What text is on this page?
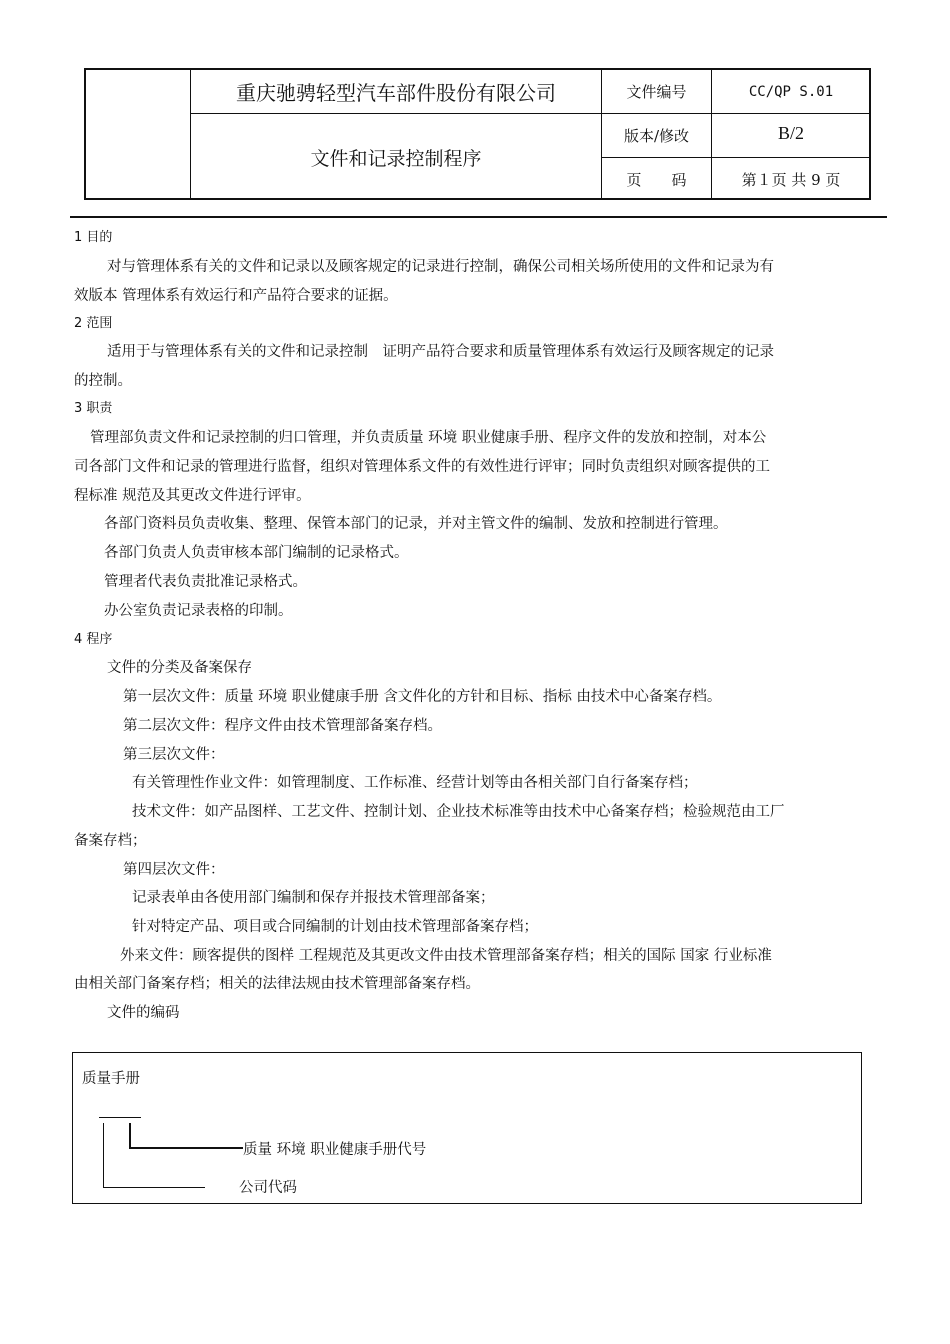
重庆驰骋轻型汽车部件股份有限公司
文件和记录控制程序
文件编号	CC/QP S.01
版本/修改	B/2
页　　码	第１页 共 9 页
1 目的
对与管理体系有关的文件和记录以及顾客规定的记录进行控制，确保公司相关场所使用的文件和记录为有
效版本 管理体系有效运行和产品符合要求的证据。
2 范围
适用于与管理体系有关的文件和记录控制　证明产品符合要求和质量管理体系有效运行及顾客规定的记录
的控制。
3 职责
管理部负责文件和记录控制的归口管理，并负责质量 环境 职业健康手册、程序文件的发放和控制，对本公
司各部门文件和记录的管理进行监督，组织对管理体系文件的有效性进行评审；同时负责组织对顾客提供的工
程标准 规范及其更改文件进行评审。
各部门资料员负责收集、整理、保管本部门的记录，并对主管文件的编制、发放和控制进行管理。
各部门负责人负责审核本部门编制的记录格式。
管理者代表负责批准记录格式。
办公室负责记录表格的印制。
4 程序
文件的分类及备案保存
第一层次文件：质量 环境 职业健康手册 含文件化的方针和目标、指标 由技术中心备案存档。
第二层次文件：程序文件由技术管理部备案存档。
第三层次文件：
有关管理性作业文件：如管理制度、工作标准、经营计划等由各相关部门自行备案存档；
技术文件：如产品图样、工艺文件、控制计划、企业技术标准等由技术中心备案存档；检验规范由工厂
备案存档；
第四层次文件：
记录表单由各使用部门编制和保存并报技术管理部备案；
针对特定产品、项目或合同编制的计划由技术管理部备案存档；
外来文件：顾客提供的图样 工程规范及其更改文件由技术管理部备案存档；相关的国际 国家 行业标准
由相关部门备案存档；相关的法律法规由技术管理部备案存档。
文件的编码
质量手册
质量 环境 职业健康手册代号
公司代码
